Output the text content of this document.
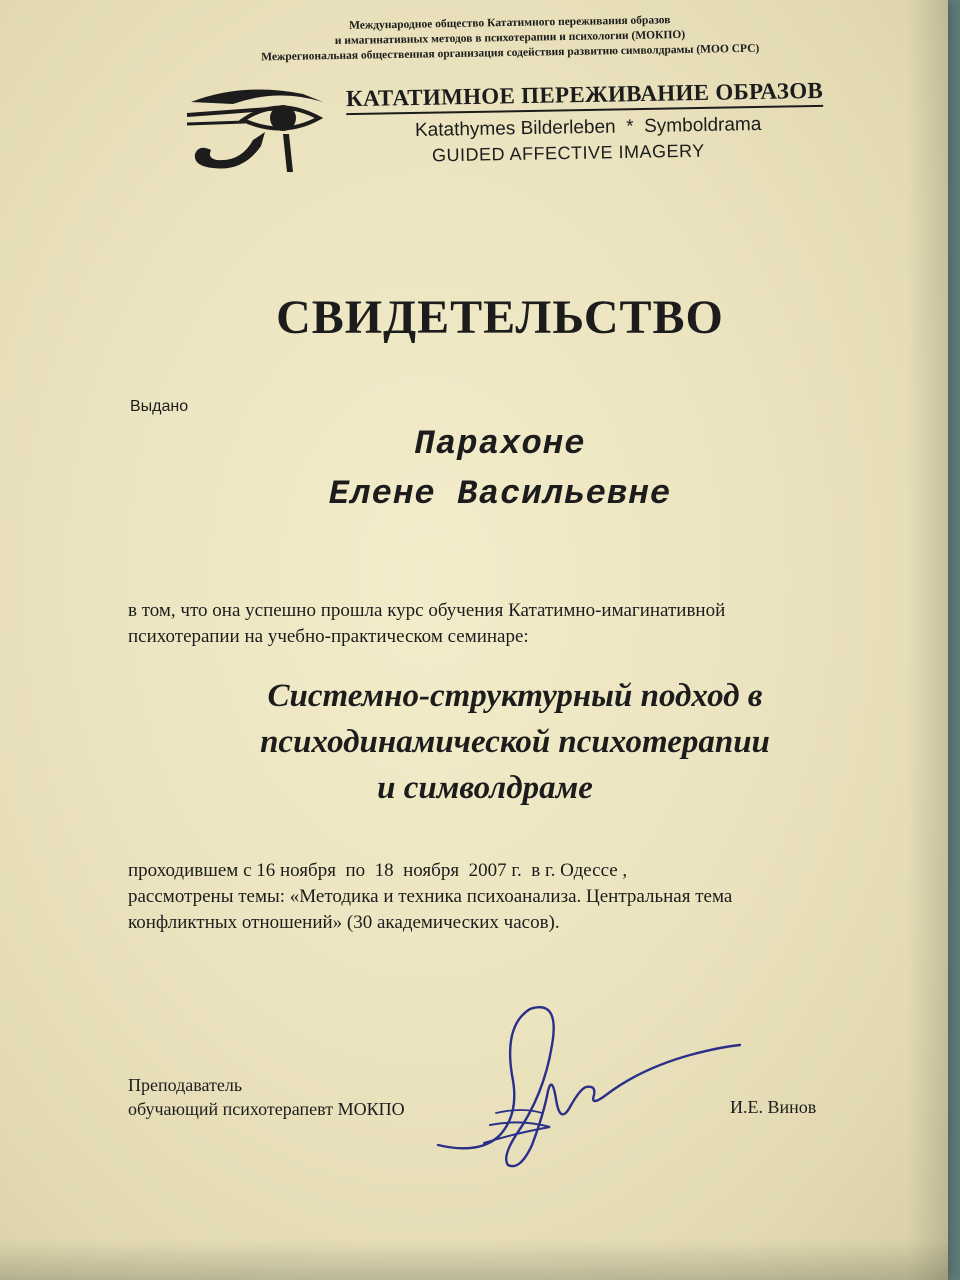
Международное общество Кататимного переживания образов
и имагинативных методов в психотерапии и психологии (МОКПО)
Межрегиональная общественная организация содействия развитию символдрамы (МОО СРС)
КАТАТИМНОЕ ПЕРЕЖИВАНИЕ ОБРАЗОВ
Katathymes Bilderleben  *  Symboldrama
GUIDED AFFECTIVE IMAGERY
СВИДЕТЕЛЬСТВО
Выдано
Парахоне
Елене Васильевне
в том, что она успешно прошла курс обучения Кататимно-имагинативной
психотерапии на учебно-практическом семинаре:
Системно-структурный подход в
психодинамической психотерапии
и символдраме
проходившем с 16 ноября  по  18  ноября  2007 г.  в г. Одессе ,
рассмотрены темы: «Методика и техника психоанализа. Центральная тема
конфликтных отношений» (30 академических часов).
Преподаватель
обучающий психотерапевт МОКПО	И.Е. Винов
